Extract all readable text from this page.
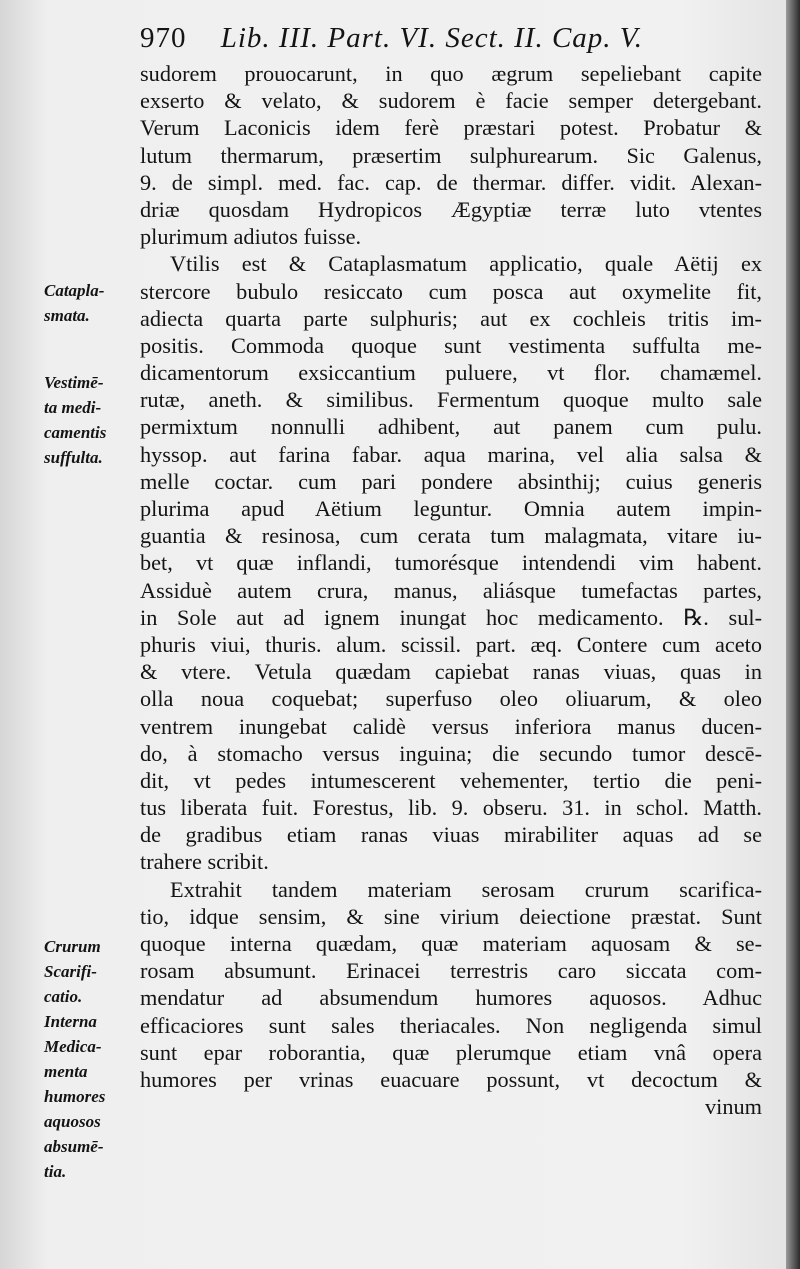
970 Lib. III. Part. VI. Sect. II. Cap. V.
Catapla-
smata.
Vestimē-
ta medi-
camentis
suffulta.
Crurum
Scarifi-
catio.
Interna
Medica-
menta
humores
aquosos
absumē-
tia.
sudorem prouocarunt, in quo ægrum sepeliebant capite
exserto & velato, & sudorem è facie semper detergebant.
Verum Laconicis idem ferè præstari potest. Probatur &
lutum thermarum, præsertim sulphurearum. Sic Galenus,
9. de simpl. med. fac. cap. de thermar. differ. vidit. Alexan-
driæ quosdam Hydropicos Ægyptiæ terræ luto vtentes
plurimum adiutos fuisse.
Vtilis est & Cataplasmatum applicatio, quale Aëtij ex
stercore bubulo resiccato cum posca aut oxymelite fit,
adiecta quarta parte sulphuris; aut ex cochleis tritis im-
positis. Commoda quoque sunt vestimenta suffulta me-
dicamentorum exsiccantium puluere, vt flor. chamæmel.
rutæ, aneth. & similibus. Fermentum quoque multo sale
permixtum nonnulli adhibent, aut panem cum pulu.
hyssop. aut farina fabar. aqua marina, vel alia salsa &
melle coctar. cum pari pondere absinthij; cuius generis
plurima apud Aëtium leguntur. Omnia autem impin-
guantia & resinosa, cum cerata tum malagmata, vitare iu-
bet, vt quæ inflandi, tumorésque intendendi vim habent.
Assiduè autem crura, manus, aliásque tumefactas partes,
in Sole aut ad ignem inungat hoc medicamento. ℞. sul-
phuris viui, thuris. alum. scissil. part. æq. Contere cum aceto
& vtere. Vetula quædam capiebat ranas viuas, quas in
olla noua coquebat; superfuso oleo oliuarum, & oleo
ventrem inungebat calidè versus inferiora manus ducen-
do, à stomacho versus inguina; die secundo tumor descē-
dit, vt pedes intumescerent vehementer, tertio die peni-
tus liberata fuit. Forestus, lib. 9. obseru. 31. in schol. Matth.
de gradibus etiam ranas viuas mirabiliter aquas ad se
trahere scribit.
Extrahit tandem materiam serosam crurum scarifica-
tio, idque sensim, & sine virium deiectione præstat. Sunt
quoque interna quædam, quæ materiam aquosam & se-
rosam absumunt. Erinacei terrestris caro siccata com-
mendatur ad absumendum humores aquosos. Adhuc
efficaciores sunt sales theriacales. Non negligenda simul
sunt epar roborantia, quæ plerumque etiam vnâ opera
humores per vrinas euacuare possunt, vt decoctum &
vinum
